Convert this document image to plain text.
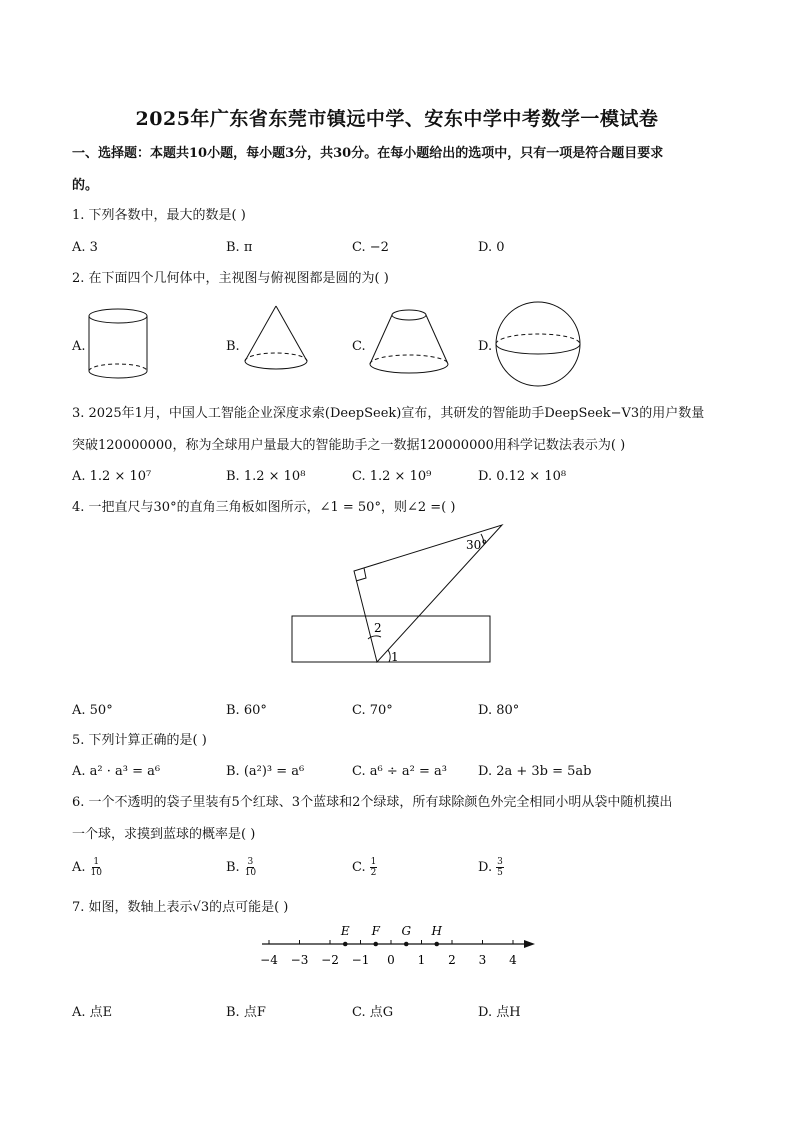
2025年广东省东莞市镇远中学、安东中学中考数学一模试卷
一、选择题：本题共10小题，每小题3分，共30分。在每小题给出的选项中，只有一项是符合题目要求
的。
1. 下列各数中，最大的数是( )
A. 3	B. π	C. −2	D. 0
2. 在下面四个几何体中，主视图与俯视图都是圆的为( )
A.	B.	C.	D.
3. 2025年1月，中国人工智能企业深度求索(DeepSeek)宣布，其研发的智能助手DeepSeek−V3的用户数量
突破120000000，称为全球用户量最大的智能助手之一数据120000000用科学记数法表示为( )
A. 1.2 × 10⁷	B. 1.2 × 10⁸	C. 1.2 × 10⁹	D. 0.12 × 10⁸
4. 一把直尺与30°的直角三角板如图所示，∠1 = 50°，则∠2 =( )
30°
2
1
A. 50°	B. 60°	C. 70°	D. 80°
5. 下列计算正确的是( )
A. a² · a³ = a⁶	B. (a²)³ = a⁶	C. a⁶ ÷ a² = a³ D. 2a + 3b = 5ab
6. 一个不透明的袋子里装有5个红球、3个蓝球和2个绿球，所有球除颜色外完全相同小明从袋中随机摸出
一个球，求摸到蓝球的概率是( )
A. $\frac{1}{10}$	B. $\frac{3}{10}$	C. $\frac{1}{2}$	D. $\frac{3}{5}$
7. 如图，数轴上表示√3的点可能是( )
−4 −3 −2 −1 0 1 2 3 4
E F G H
A. 点E	B. 点F	C. 点G	D. 点H
